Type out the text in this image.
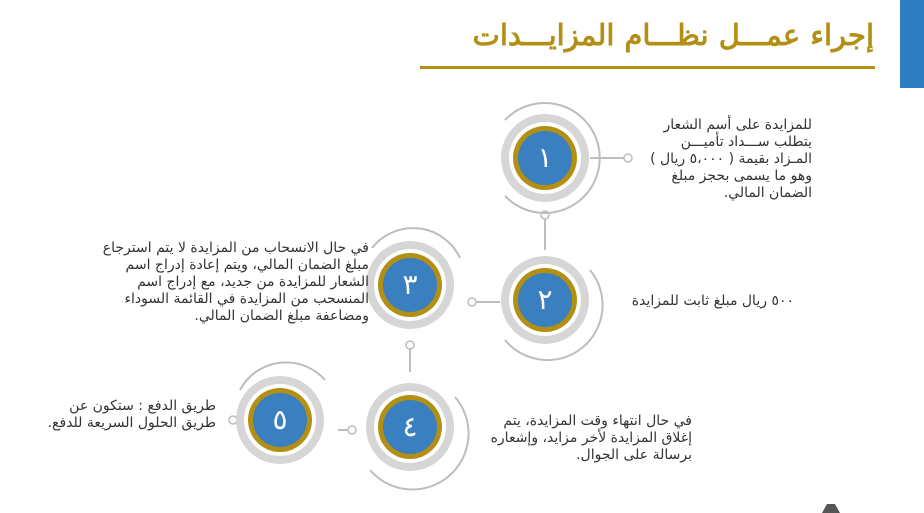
إجراء عمـــل نظـــام المزايـــدات
١
٢
٣
٤
٥
للمزايدة على أسم الشعار
يتطلب ســـداد تأميـــن
المـزاد بقيمة ( ٥،٠٠٠ ريال )
وهو ما يسمى بحجز مبلغ
الضمان المالي.
٥٠٠ ريال مبلغ ثابت للمزايدة
في حال الانسحاب من المزايدة لا يتم استرجاع
مبلغ الضمان المالي، ويتم إعادة إدراج اسم
الشعار للمزايدة من جديد، مع إدراج اسم
المنسحب من المزايدة في القائمة السوداء
ومضاعفة مبلغ الضمان المالي.
في حال انتهاء وقت المزايدة، يتم
إغلاق المزايدة لأخر مزايد، وإشعاره
برسالة على الجوال.
طريق الدفع : ستكون عن
طريق الحلول السريعة للدفع.
